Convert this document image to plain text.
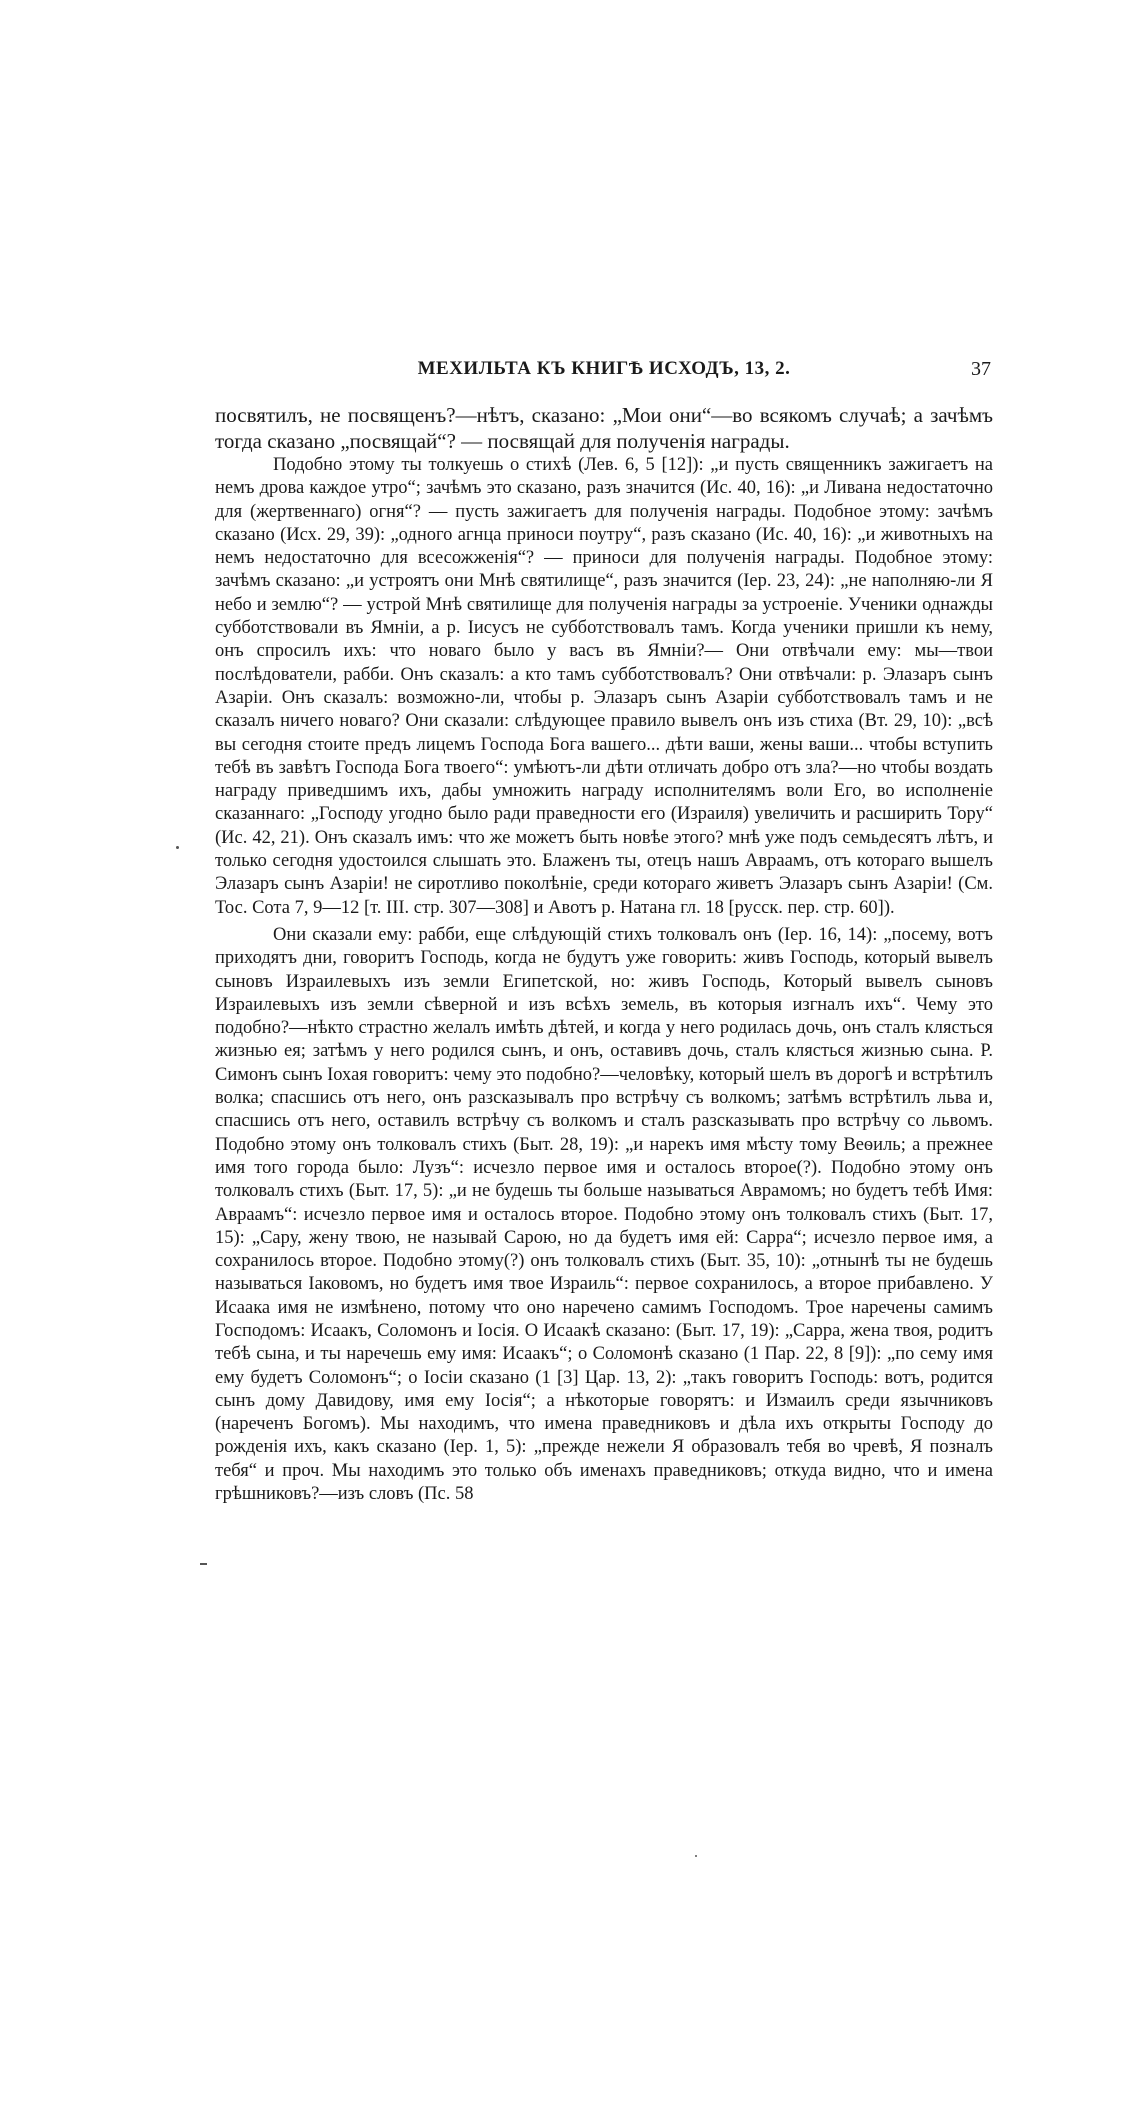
МЕХИЛЬТА КЪ КНИГѢ ИСХОДЪ, 13, 2.	37

посвятилъ, не посвященъ?—нѣтъ, сказано: „Мои они“—во всякомъ случаѣ; а зачѣмъ тогда сказано „посвящай“? — посвящай для полученія награды.

Подобно этому ты толкуешь о стихѣ (Лев. 6, 5 [12]): „и пусть священникъ зажигаетъ на немъ дрова каждое утро“; зачѣмъ это сказано, разъ значится (Ис. 40, 16): „и Ливана недостаточно для (жертвеннаго) огня“? — пусть зажигаетъ для полученія награды. Подобное этому: зачѣмъ сказано (Исх. 29, 39): „одного агнца приноси поутру“, разъ сказано (Ис. 40, 16): „и животныхъ на немъ недостаточно для всесожженія“? — приноси для полученія награды. Подобное этому: зачѣмъ сказано: „и устроятъ они Мнѣ святилище“, разъ значится (Іер. 23, 24): „не наполняю-ли Я небо и землю“? — устрой Мнѣ святилище для полученія награды за устроеніе. Ученики однажды субботствовали въ Ямніи, а р. Іисусъ не субботствовалъ тамъ. Когда ученики пришли къ нему, онъ спросилъ ихъ: что новаго было у васъ въ Ямніи?— Они отвѣчали ему: мы—твои послѣдователи, рабби. Онъ сказалъ: а кто тамъ субботствовалъ? Они отвѣчали: р. Элазаръ сынъ Азаріи. Онъ сказалъ: возможно-ли, чтобы р. Элазаръ сынъ Азаріи субботствовалъ тамъ и не сказалъ ничего новаго? Они сказали: слѣдующее правило вывелъ онъ изъ стиха (Вт. 29, 10): „всѣ вы сегодня стоите предъ лицемъ Господа Бога вашего... дѣти ваши, жены ваши... чтобы вступить тебѣ въ завѣтъ Господа Бога твоего“: умѣютъ-ли дѣти отличать добро отъ зла?—но чтобы воздать награду приведшимъ ихъ, дабы умножить награду исполнителямъ воли Его, во исполненіе сказаннаго: „Господу угодно было ради праведности его (Израиля) увеличить и расширить Тору“ (Ис. 42, 21). Онъ сказалъ имъ: что же можетъ быть новѣе этого? мнѣ уже подъ семьдесятъ лѣтъ, и только сегодня удостоился слышать это. Блаженъ ты, отецъ нашъ Авраамъ, отъ котораго вышелъ Элазаръ сынъ Азаріи! не сиротливо поколѣніе, среди котораго живетъ Элазаръ сынъ Азаріи! (См. Тос. Сота 7, 9—12 [т. III. стр. 307—308] и Авотъ р. Натана гл. 18 [русск. пер. стр. 60]).

Они сказали ему: рабби, еще слѣдующій стихъ толковалъ онъ (Іер. 16, 14): „посему, вотъ приходятъ дни, говоритъ Господь, когда не будутъ уже говорить: живъ Господь, который вывелъ сыновъ Израилевыхъ изъ земли Египетской, но: живъ Господь, Который вывелъ сыновъ Израилевыхъ изъ земли сѣверной и изъ всѣхъ земель, въ которыя изгналъ ихъ“. Чему это подобно?—нѣкто страстно желалъ имѣть дѣтей, и когда у него родилась дочь, онъ сталъ клясться жизнью ея; затѣмъ у него родился сынъ, и онъ, оставивъ дочь, сталъ клясться жизнью сына. Р. Симонъ сынъ Іохая говоритъ: чему это подобно?—человѣку, который шелъ въ дорогѣ и встрѣтилъ волка; спасшись отъ него, онъ разсказывалъ про встрѣчу съ волкомъ; затѣмъ встрѣтилъ льва и, спасшись отъ него, оставилъ встрѣчу съ волкомъ и сталъ разсказывать про встрѣчу со львомъ. Подобно этому онъ толковалъ стихъ (Быт. 28, 19): „и нарекъ имя мѣсту тому Веѳиль; а прежнее имя того города было: Лузъ“: исчезло первое имя и осталось второе(?). Подобно этому онъ толковалъ стихъ (Быт. 17, 5): „и не будешь ты больше называться Аврамомъ; но будетъ тебѣ Имя: Авраамъ“: исчезло первое имя и осталось второе. Подобно этому онъ толковалъ стихъ (Быт. 17, 15): „Сару, жену твою, не называй Сарою, но да будетъ имя ей: Сарра“; исчезло первое имя, а сохранилось второе. Подобно этому(?) онъ толковалъ стихъ (Быт. 35, 10): „отнынѣ ты не будешь называться Іаковомъ, но будетъ имя твое Израиль“: первое сохранилось, а второе прибавлено. У Исаака имя не измѣнено, потому что оно наречено самимъ Господомъ. Трое наречены самимъ Господомъ: Исаакъ, Соломонъ и Іосія. О Исаакѣ сказано: (Быт. 17, 19): „Сарра, жена твоя, родитъ тебѣ сына, и ты наречешь ему имя: Исаакъ“; о Соломонѣ сказано (1 Пар. 22, 8 [9]): „по сему имя ему будетъ Соломонъ“; о Іосіи сказано (1 [3] Цар. 13, 2): „такъ говоритъ Господь: вотъ, родится сынъ дому Давидову, имя ему Іосія“; а нѣкоторые говорятъ: и Измаилъ среди язычниковъ (нареченъ Богомъ). Мы находимъ, что имена праведниковъ и дѣла ихъ открыты Господу до рожденія ихъ, какъ сказано (Іер. 1, 5): „прежде нежели Я образовалъ тебя во чревѣ, Я позналъ тебя“ и проч. Мы находимъ это только объ именахъ праведниковъ; откуда видно, что и имена грѣшниковъ?—изъ словъ (Пс. 58
